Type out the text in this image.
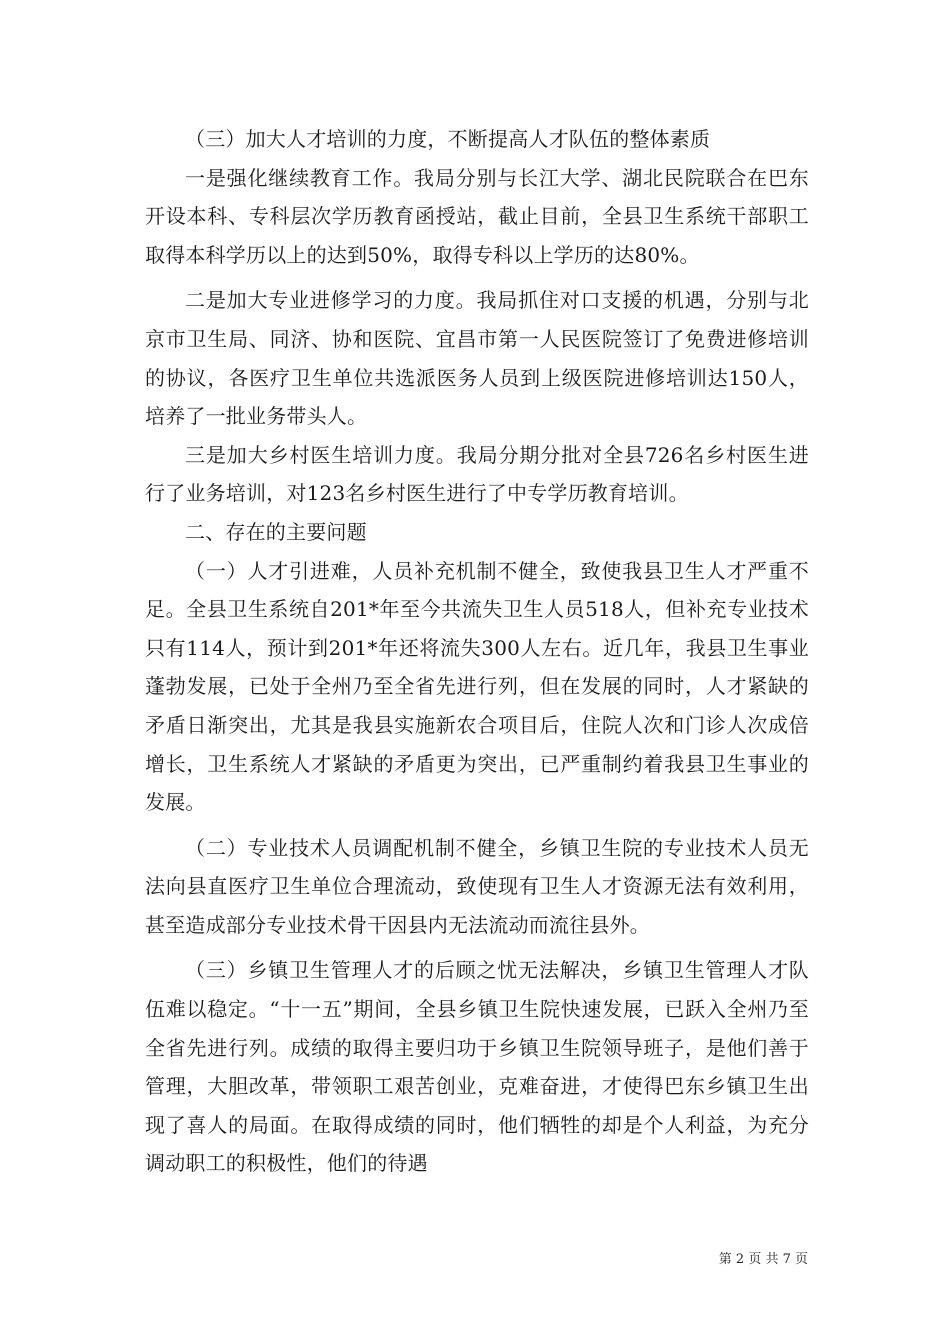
（三）加大人才培训的力度，不断提高人才队伍的整体素质

一是强化继续教育工作。我局分别与长江大学、湖北民院联合在巴东开设本科、专科层次学历教育函授站，截止目前，全县卫生系统干部职工取得本科学历以上的达到50%，取得专科以上学历的达80%。

二是加大专业进修学习的力度。我局抓住对口支援的机遇，分别与北京市卫生局、同济、协和医院、宜昌市第一人民医院签订了免费进修培训的协议，各医疗卫生单位共选派医务人员到上级医院进修培训达150人，培养了一批业务带头人。

三是加大乡村医生培训力度。我局分期分批对全县726名乡村医生进行了业务培训，对123名乡村医生进行了中专学历教育培训。

二、存在的主要问题

（一）人才引进难，人员补充机制不健全，致使我县卫生人才严重不足。全县卫生系统自201*年至今共流失卫生人员518人，但补充专业技术只有114人，预计到201*年还将流失300人左右。近几年，我县卫生事业蓬勃发展，已处于全州乃至全省先进行列，但在发展的同时，人才紧缺的矛盾日渐突出，尤其是我县实施新农合项目后，住院人次和门诊人次成倍增长，卫生系统人才紧缺的矛盾更为突出，已严重制约着我县卫生事业的发展。

（二）专业技术人员调配机制不健全，乡镇卫生院的专业技术人员无法向县直医疗卫生单位合理流动，致使现有卫生人才资源无法有效利用，甚至造成部分专业技术骨干因县内无法流动而流往县外。

（三）乡镇卫生管理人才的后顾之忧无法解决，乡镇卫生管理人才队伍难以稳定。“十一五”期间，全县乡镇卫生院快速发展，已跃入全州乃至全省先进行列。成绩的取得主要归功于乡镇卫生院领导班子，是他们善于管理，大胆改革，带领职工艰苦创业，克难奋进，才使得巴东乡镇卫生出现了喜人的局面。在取得成绩的同时，他们牺牲的却是个人利益，为充分调动职工的积极性，他们的待遇

第 2 页 共 7 页
